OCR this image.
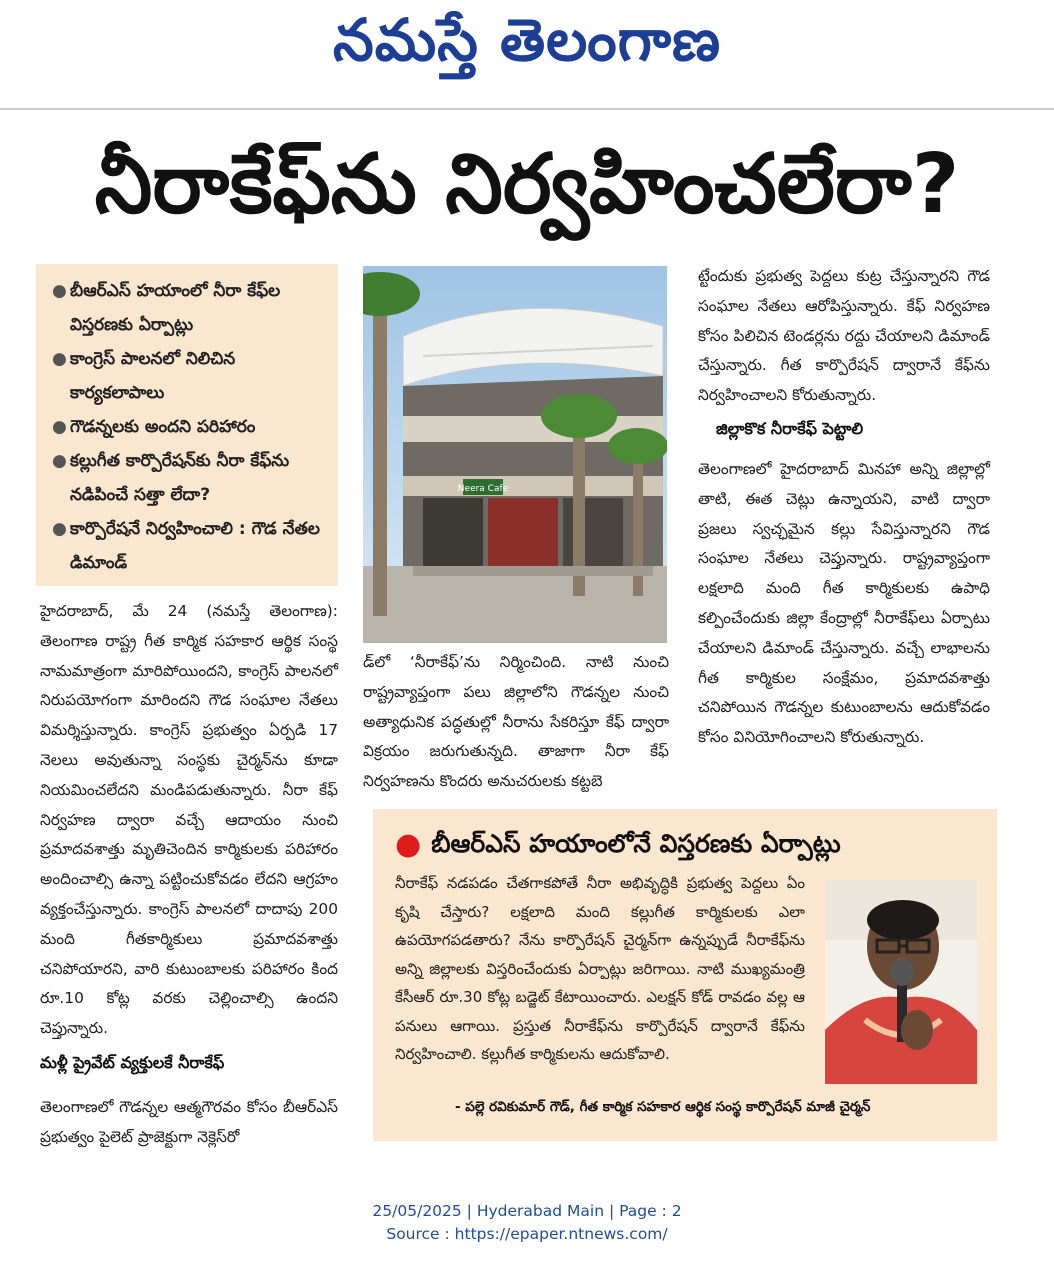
నమస్తే తెలంగాణ
నీరాకేఫ్‌ను నిర్వహించలేరా?
● బీఆర్ఎస్ హయాంలో నీరా కేఫ్‌ల విస్తరణకు ఏర్పాట్లు
● కాంగ్రెస్ పాలనలో నిలిచిన కార్యకలాపాలు
● గౌడన్నలకు అందని పరిహారం
● కల్లుగీత కార్పొరేషన్‌కు నీరా కేఫ్‌ను నడిపించే సత్తా లేదా?
● కార్పొరేషనే నిర్వహించాలి : గౌడ నేతల డిమాండ్
హైదరాబాద్, మే 24 (నమస్తే తెలంగాణ): తెలంగాణ రాష్ట్ర గీత కార్మిక సహకార ఆర్థిక సంస్థ నామమాత్రంగా మారిపోయిందని, కాంగ్రెస్ పాలనలో నిరుపయోగంగా మారిందని గౌడ సంఘాల నేతలు విమర్శిస్తున్నారు. కాంగ్రెస్ ప్రభుత్వం ఏర్పడి 17 నెలలు అవుతున్నా సంస్థకు చైర్మన్‌ను కూడా నియమించలేదని మండిపడుతున్నారు. నీరా కేఫ్ నిర్వహణ ద్వారా వచ్చే ఆదాయం నుంచి ప్రమాదవశాత్తు మృతిచెందిన కార్మికులకు పరిహారం అందించాల్సి ఉన్నా పట్టించుకోవడం లేదని ఆగ్రహం వ్యక్తంచేస్తున్నారు. కాంగ్రెస్ పాలనలో దాదాపు 200 మంది గీతకార్మికులు ప్రమాదవశాత్తు చనిపోయారని, వారి కుటుంబాలకు పరిహారం కింద రూ.10 కోట్ల వరకు చెల్లించాల్సి ఉందని చెప్తున్నారు.
మళ్లీ ప్రైవేట్ వ్యక్తులకే నీరాకేఫ్
తెలంగాణలో గౌడన్నల ఆత్మగౌరవం కోసం బీఆర్ఎస్ ప్రభుత్వం పైలెట్ ప్రాజెక్టుగా నెక్లెస్‌రో
Neera Cafe
డ్‌లో ‘నీరాకేఫ్’ను నిర్మించింది. నాటి నుంచి రాష్ట్రవ్యాప్తంగా పలు జిల్లాలోని గౌడన్నల నుంచి అత్యాధునిక పద్ధతుల్లో నీరాను సేకరిస్తూ కేఫ్ ద్వారా విక్రయం జరుగుతున్నది. తాజాగా నీరా కేఫ్ నిర్వహణను కొందరు అనుచరులకు కట్టబె
ట్టేందుకు ప్రభుత్వ పెద్దలు కుట్ర చేస్తున్నారని గౌడ సంఘాల నేతలు ఆరోపిస్తున్నారు. కేఫ్ నిర్వహణ కోసం పిలిచిన టెండర్లను రద్దు చేయాలని డిమాండ్ చేస్తున్నారు. గీత కార్పొరేషన్ ద్వారానే కేఫ్‌ను నిర్వహించాలని కోరుతున్నారు.
జిల్లాకొక నీరాకేఫ్ పెట్టాలి
తెలంగాణలో హైదరాబాద్ మినహా అన్ని జిల్లాల్లో తాటి, ఈత చెట్లు ఉన్నాయని, వాటి ద్వారా ప్రజలు స్వచ్ఛమైన కల్లు సేవిస్తున్నారని గౌడ సంఘాల నేతలు చెప్తున్నారు. రాష్ట్రవ్యాప్తంగా లక్షలాది మంది గీత కార్మికులకు ఉపాధి కల్పించేందుకు జిల్లా కేంద్రాల్లో నీరాకేఫ్‌లు ఏర్పాటు చేయాలని డిమాండ్ చేస్తున్నారు. వచ్చే లాభాలను గీత కార్మికుల సంక్షేమం, ప్రమాదవశాత్తు చనిపోయిన గౌడన్నల కుటుంబాలను ఆదుకోవడం కోసం వినియోగించాలని కోరుతున్నారు.
● బీఆర్ఎస్ హయాంలోనే విస్తరణకు ఏర్పాట్లు
నీరాకేఫ్ నడపడం చేతగాకపోతే నీరా అభివృద్ధికి ప్రభుత్వ పెద్దలు ఏం కృషి చేస్తారు? లక్షలాది మంది కల్లుగీత కార్మికులకు ఎలా ఉపయోగపడతారు? నేను కార్పొరేషన్ చైర్మన్‌గా ఉన్నప్పుడే నీరాకేఫ్‌ను అన్ని జిల్లాలకు విస్తరించేందుకు ఏర్పాట్లు జరిగాయి. నాటి ముఖ్యమంత్రి కేసీఆర్ రూ.30 కోట్ల బడ్జెట్ కేటాయించారు. ఎలక్షన్ కోడ్ రావడం వల్ల ఆ పనులు ఆగాయి. ప్రస్తుత నీరాకేఫ్‌ను కార్పొరేషన్ ద్వారానే కేఫ్‌ను నిర్వహించాలి. కల్లుగీత కార్మికులను ఆదుకోవాలి.
- పల్లె రవికుమార్ గౌడ్, గీత కార్మిక సహకార ఆర్థిక సంస్థ కార్పొరేషన్ మాజీ చైర్మన్
25/05/2025 | Hyderabad Main | Page : 2
Source : https://epaper.ntnews.com/
